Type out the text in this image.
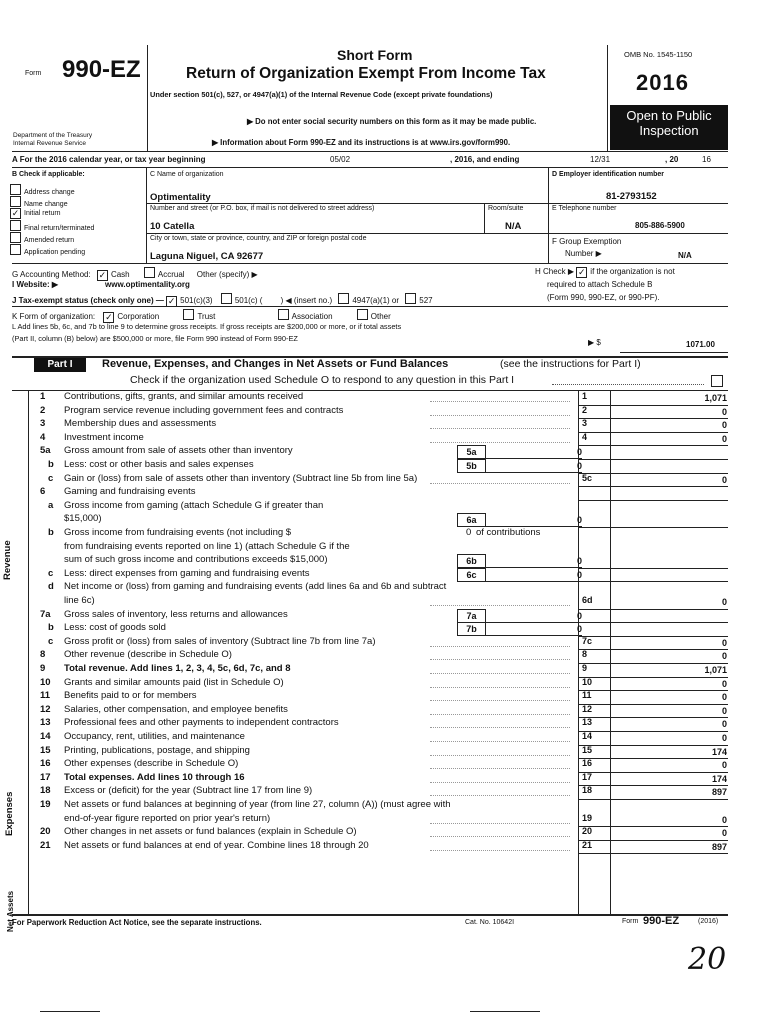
Form 990-EZ
Department of the Treasury
Internal Revenue Service
Short Form
Return of Organization Exempt From Income Tax
Under section 501(c), 527, or 4947(a)(1) of the Internal Revenue Code (except private foundations)
▶ Do not enter social security numbers on this form as it may be made public.
▶ Information about Form 990-EZ and its instructions is at www.irs.gov/form990.
OMB No. 1545-1150
2016
Open to Public
Inspection
A For the 2016 calendar year, or tax year beginning	05/02	, 2016, and ending	12/31	, 20	16
B Check if applicable:
Address change
Name change
✓ Initial return
Final return/terminated
Amended return
Application pending
C Name of organization
Optimentality
Number and street (or P.O. box, if mail is not delivered to street address)	Room/suite
10 Catella	N/A
City or town, state or province, country, and ZIP or foreign postal code
Laguna Niguel, CA 92677
D Employer identification number
81-2793152
E Telephone number
805-886-5900
F Group Exemption
Number ▶	N/A
G Accounting Method: ✓ Cash	Accrual Other (specify) ▶	H Check ▶ ✓ if the organization is not
required to attach Schedule B
(Form 990, 990-EZ, or 990-PF).
I Website: ▶	www.optimentality.org
J Tax-exempt status (check only one) — ✓ 501(c)(3)	501(c) ( ) ◀ (insert no.)	4947(a)(1) or	527
K Form of organization: ✓ Corporation	Trust	Association	Other
L Add lines 5b, 6c, and 7b to line 9 to determine gross receipts. If gross receipts are $200,000 or more, or if total assets
(Part II, column (B) below) are $500,000 or more, file Form 990 instead of Form 990-EZ	▶ $	1071.00
Part I	Revenue, Expenses, and Changes in Net Assets or Fund Balances	(see the instructions for Part I)
Check if the organization used Schedule O to respond to any question in this Part I
Revenue
Expenses
Net Assets
1 Contributions, gifts, grants, and similar amounts received	1	1,071
2 Program service revenue including government fees and contracts	2	0
3 Membership dues and assessments	3	0
4 Investment income	4	0
5a Gross amount from sale of assets other than inventory	5a	0
b Less: cost or other basis and sales expenses	5b	0
c Gain or (loss) from sale of assets other than inventory (Subtract line 5b from line 5a)	5c	0
6 Gaming and fundraising events
a Gross income from gaming (attach Schedule G if greater than
$15,000)	6a	0
b Gross income from fundraising events (not including $	0 of contributions
from fundraising events reported on line 1) (attach Schedule G if the
sum of such gross income and contributions exceeds $15,000)	6b	0
c Less: direct expenses from gaming and fundraising events	6c	0
d Net income or (loss) from gaming and fundraising events (add lines 6a and 6b and subtract
line 6c)	6d	0
7a Gross sales of inventory, less returns and allowances	7a	0
b Less: cost of goods sold	7b	0
c Gross profit or (loss) from sales of inventory (Subtract line 7b from line 7a)	7c	0
8 Other revenue (describe in Schedule O)	8	0
9 Total revenue. Add lines 1, 2, 3, 4, 5c, 6d, 7c, and 8	9	1,071
10 Grants and similar amounts paid (list in Schedule O)	10	0
11 Benefits paid to or for members	11	0
12 Salaries, other compensation, and employee benefits	12	0
13 Professional fees and other payments to independent contractors	13	0
14 Occupancy, rent, utilities, and maintenance	14	0
15 Printing, publications, postage, and shipping	15	174
16 Other expenses (describe in Schedule O)	16	0
17 Total expenses. Add lines 10 through 16	17	174
18 Excess or (deficit) for the year (Subtract line 17 from line 9)	18	897
19 Net assets or fund balances at beginning of year (from line 27, column (A)) (must agree with
end-of-year figure reported on prior year's return)	19	0
20 Other changes in net assets or fund balances (explain in Schedule O)	20	0
21 Net assets or fund balances at end of year. Combine lines 18 through 20	21	897
For Paperwork Reduction Act Notice, see the separate instructions.	Cat. No. 10642I	Form 990-EZ	(2016)
20
